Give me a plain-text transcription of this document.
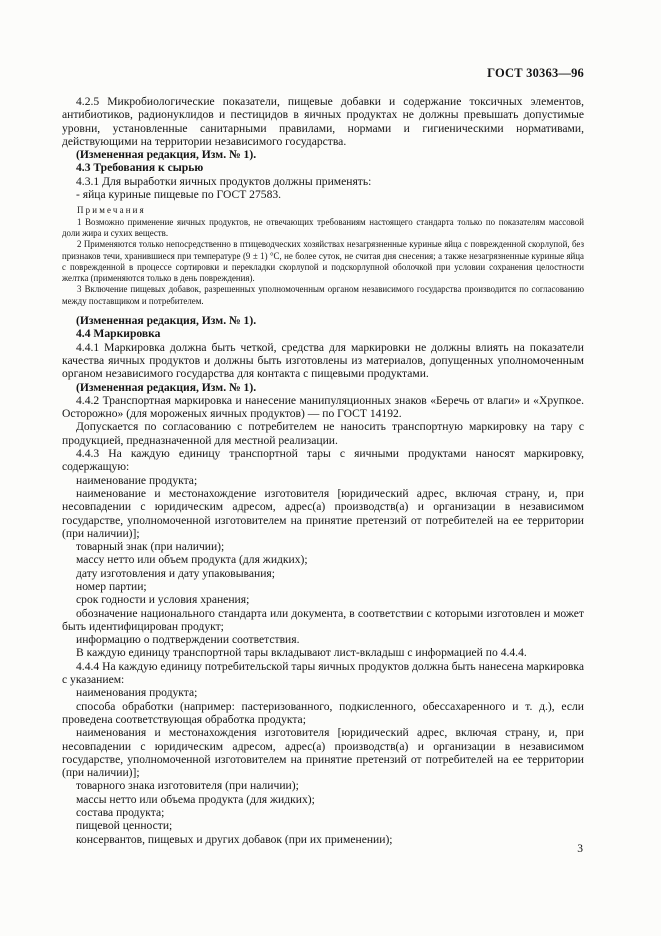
ГОСТ 30363—96

4.2.5 Микробиологические показатели, пищевые добавки и содержание токсичных элементов, антибиотиков, радионуклидов и пестицидов в яичных продуктах не должны превышать допустимые уровни, установленные санитарными правилами, нормами и гигиеническими нормативами, действующими на территории независимого государства.

(Измененная редакция, Изм. № 1).

4.3 Требования к сырью

4.3.1 Для выработки яичных продуктов должны применять:

- яйца куриные пищевые по ГОСТ 27583.

Примечания

1 Возможно применение яичных продуктов, не отвечающих требованиям настоящего стандарта только по показателям массовой доли жира и сухих веществ.

2 Применяются только непосредственно в птицеводческих хозяйствах незагрязненные куриные яйца с поврежденной скорлупой, без признаков течи, хранившиеся при температуре (9 ± 1) °С, не более суток, не считая дня снесения; а также незагрязненные куриные яйца с поврежденной в процессе сортировки и перекладки скорлупой и подскорлупной оболочкой при условии сохранения целостности желтка (применяются только в день повреждения).

3 Включение пищевых добавок, разрешенных уполномоченным органом независимого государства производится по согласованию между поставщиком и потребителем.

(Измененная редакция, Изм. № 1).

4.4 Маркировка

4.4.1 Маркировка должна быть четкой, средства для маркировки не должны влиять на показатели качества яичных продуктов и должны быть изготовлены из материалов, допущенных уполномоченным органом независимого государства для контакта с пищевыми продуктами.

(Измененная редакция, Изм. № 1).

4.4.2 Транспортная маркировка и нанесение манипуляционных знаков «Беречь от влаги» и «Хрупкое. Осторожно» (для мороженых яичных продуктов) — по ГОСТ 14192.

Допускается по согласованию с потребителем не наносить транспортную маркировку на тару с продукцией, предназначенной для местной реализации.

4.4.3 На каждую единицу транспортной тары с яичными продуктами наносят маркировку, содержащую:

наименование продукта;

наименование и местонахождение изготовителя [юридический адрес, включая страну, и, при несовпадении с юридическим адресом, адрес(а) производств(а) и организации в независимом государстве, уполномоченной изготовителем на принятие претензий от потребителей на ее территории (при наличии)];

товарный знак (при наличии);

массу нетто или объем продукта (для жидких);

дату изготовления и дату упаковывания;

номер партии;

срок годности и условия хранения;

обозначение национального стандарта или документа, в соответствии с которыми изготовлен и может быть идентифицирован продукт;

информацию о подтверждении соответствия.

В каждую единицу транспортной тары вкладывают лист-вкладыш с информацией по 4.4.4.

4.4.4 На каждую единицу потребительской тары яичных продуктов должна быть нанесена маркировка с указанием:

наименования продукта;

способа обработки (например: пастеризованного, подкисленного, обессахаренного и т. д.), если проведена соответствующая обработка продукта;

наименования и местонахождения изготовителя [юридический адрес, включая страну, и, при несовпадении с юридическим адресом, адрес(а) производств(а) и организации в независимом государстве, уполномоченной изготовителем на принятие претензий от потребителей на ее территории (при наличии)];

товарного знака изготовителя (при наличии);

массы нетто или объема продукта (для жидких);

состава продукта;

пищевой ценности;

консервантов, пищевых и других добавок (при их применении);

3
